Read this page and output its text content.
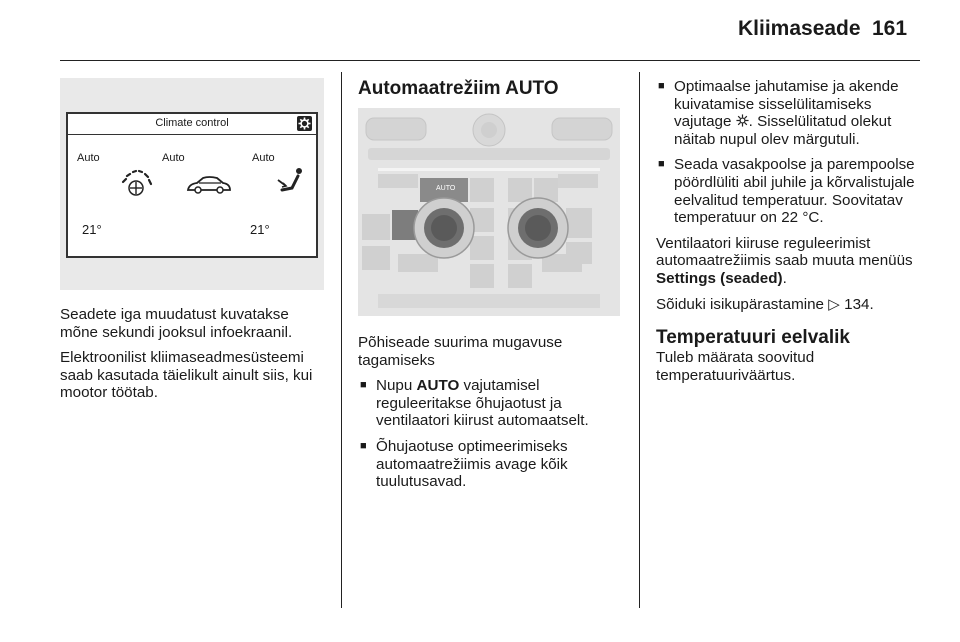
Kliimaseade 161
Climate control
Auto	Auto	Auto
21°	21°

Seadete iga muudatust kuvatakse mõne sekundi jooksul infoekraanil.

Elektroonilist kliimaseadmesüsteemi saab kasutada täielikult ainult siis, kui mootor töötab.

Automaatrežiim AUTO
AUTO

Põhiseade suurima mugavuse tagamiseks

■ Nupu AUTO vajutamisel reguleeritakse õhujaotust ja ventilaatori kiirust automaatselt.
■ Õhujaotuse optimeerimiseks automaatrežiimis avage kõik tuulutusavad.
■ Optimaalse jahutamise ja akende kuivatamise sisselülitamiseks vajutage . Sisselülitatud olekut näitab nupul olev märgutuli.
■ Seada vasakpoolse ja parempoolse pöördlüliti abil juhile ja kõrvalistujale eelvalitud temperatuur. Soovitatav temperatuur on 22 °C.

Ventilaatori kiiruse reguleerimist automaatrežiimis saab muuta menüüs Settings (seaded).

Sõiduki isikupärastamine ▷ 134.

Temperatuuri eelvalik

Tuleb määrata soovitud temperatuuriväärtus.
